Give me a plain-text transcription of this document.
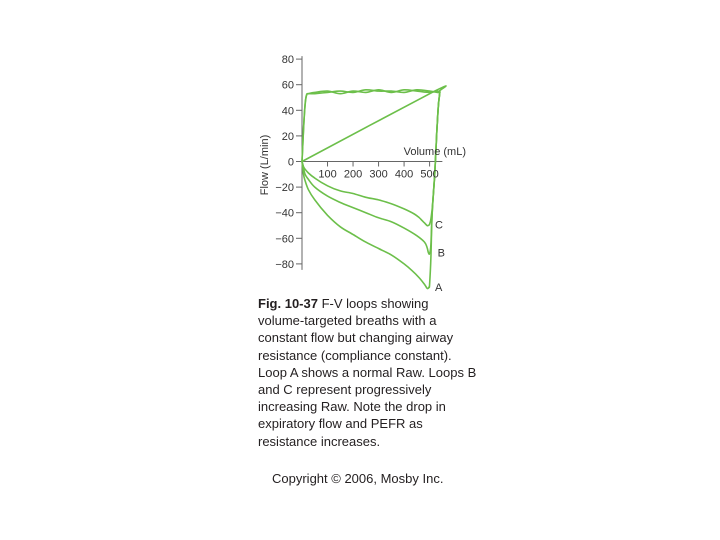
80
60
40
20
0
−20
−40
−60
−80
100 200 300 400 500
Volume (mL)
Flow (L/min)
A
B
C
Fig. 10-37 F-V loops showing volume-targeted breaths with a constant flow but changing airway resistance (compliance constant). Loop A shows a normal Raw. Loops B and C represent progressively increasing Raw. Note the drop in expiratory flow and PEFR as resistance increases.
Copyright © 2006, Mosby Inc.
